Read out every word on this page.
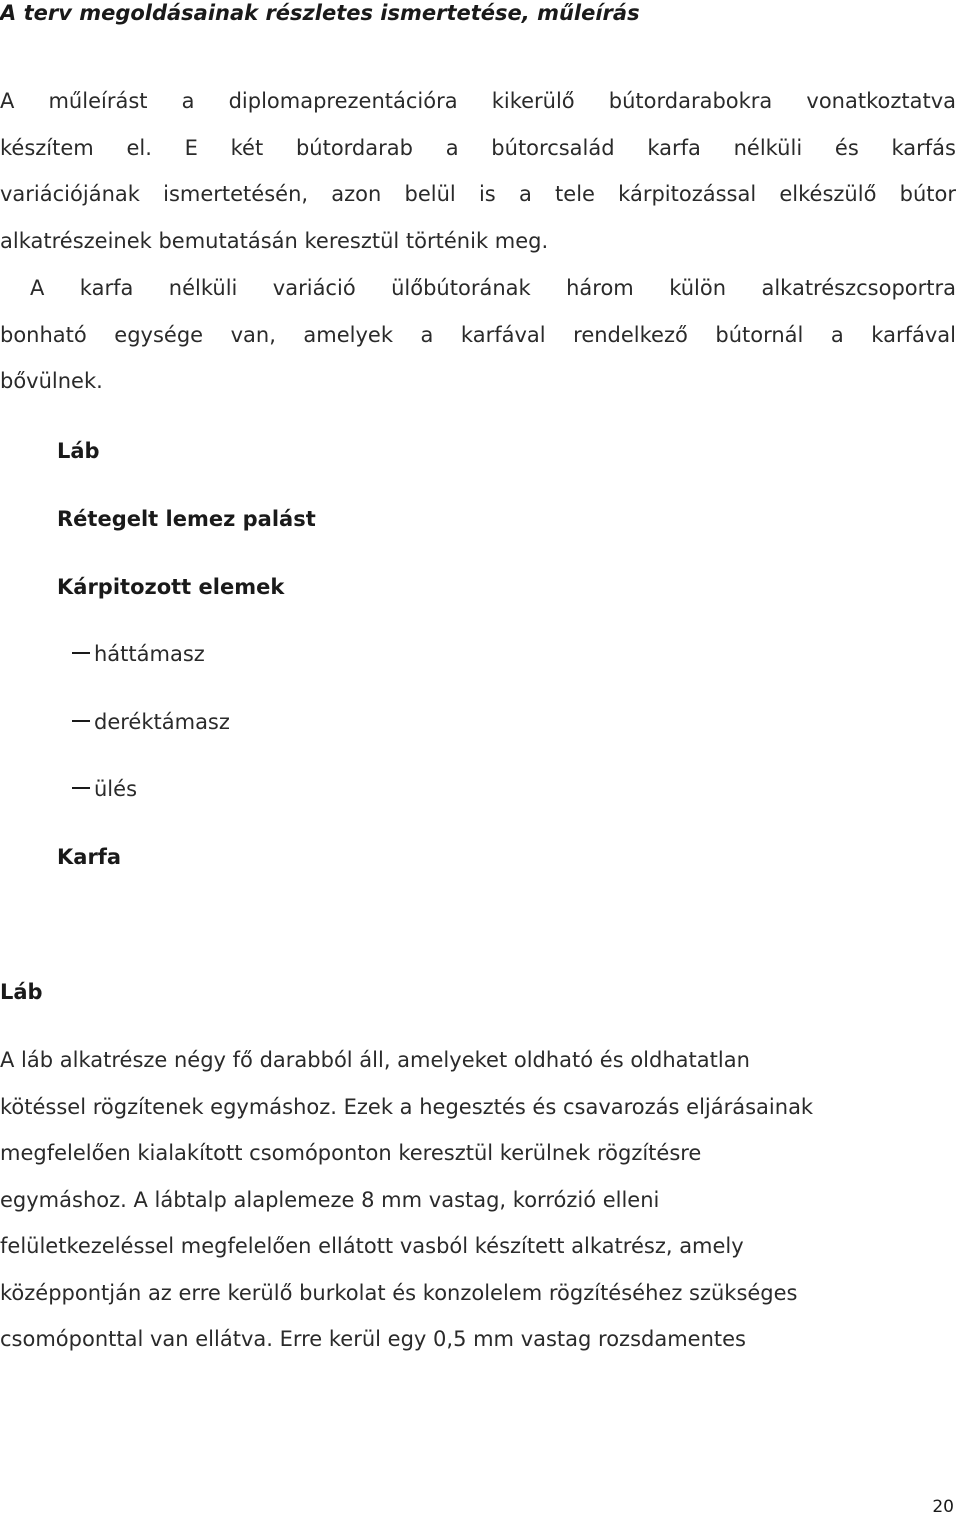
A terv megoldásainak részletes ismertetése, műleírás
A műleírást a diplomaprezentációra kikerülő bútordarabokra vonatkoztatva
készítem el. E két bútordarab a bútorcsalád karfa nélküli és karfás
variációjának ismertetésén, azon belül is a tele kárpitozással elkészülő bútor
alkatrészeinek bemutatásán keresztül történik meg.
A karfa nélküli variáció ülőbútorának három külön alkatrészcsoportra
bonható egysége van, amelyek a karfával rendelkező bútornál a karfával
bővülnek.
Láb
Rétegelt lemez palást
Kárpitozott elemek
háttámasz
deréktámasz
ülés
Karfa
Láb
A láb alkatrésze négy fő darabból áll, amelyeket oldható és oldhatatlan
kötéssel rögzítenek egymáshoz. Ezek a hegesztés és csavarozás eljárásainak
megfelelően kialakított csomóponton keresztül kerülnek rögzítésre
egymáshoz. A lábtalp alaplemeze 8 mm vastag, korrózió elleni
felületkezeléssel megfelelően ellátott vasból készített alkatrész, amely
középpontján az erre kerülő burkolat és konzolelem rögzítéséhez szükséges
csomóponttal van ellátva. Erre kerül egy 0,5 mm vastag rozsdamentes
20
